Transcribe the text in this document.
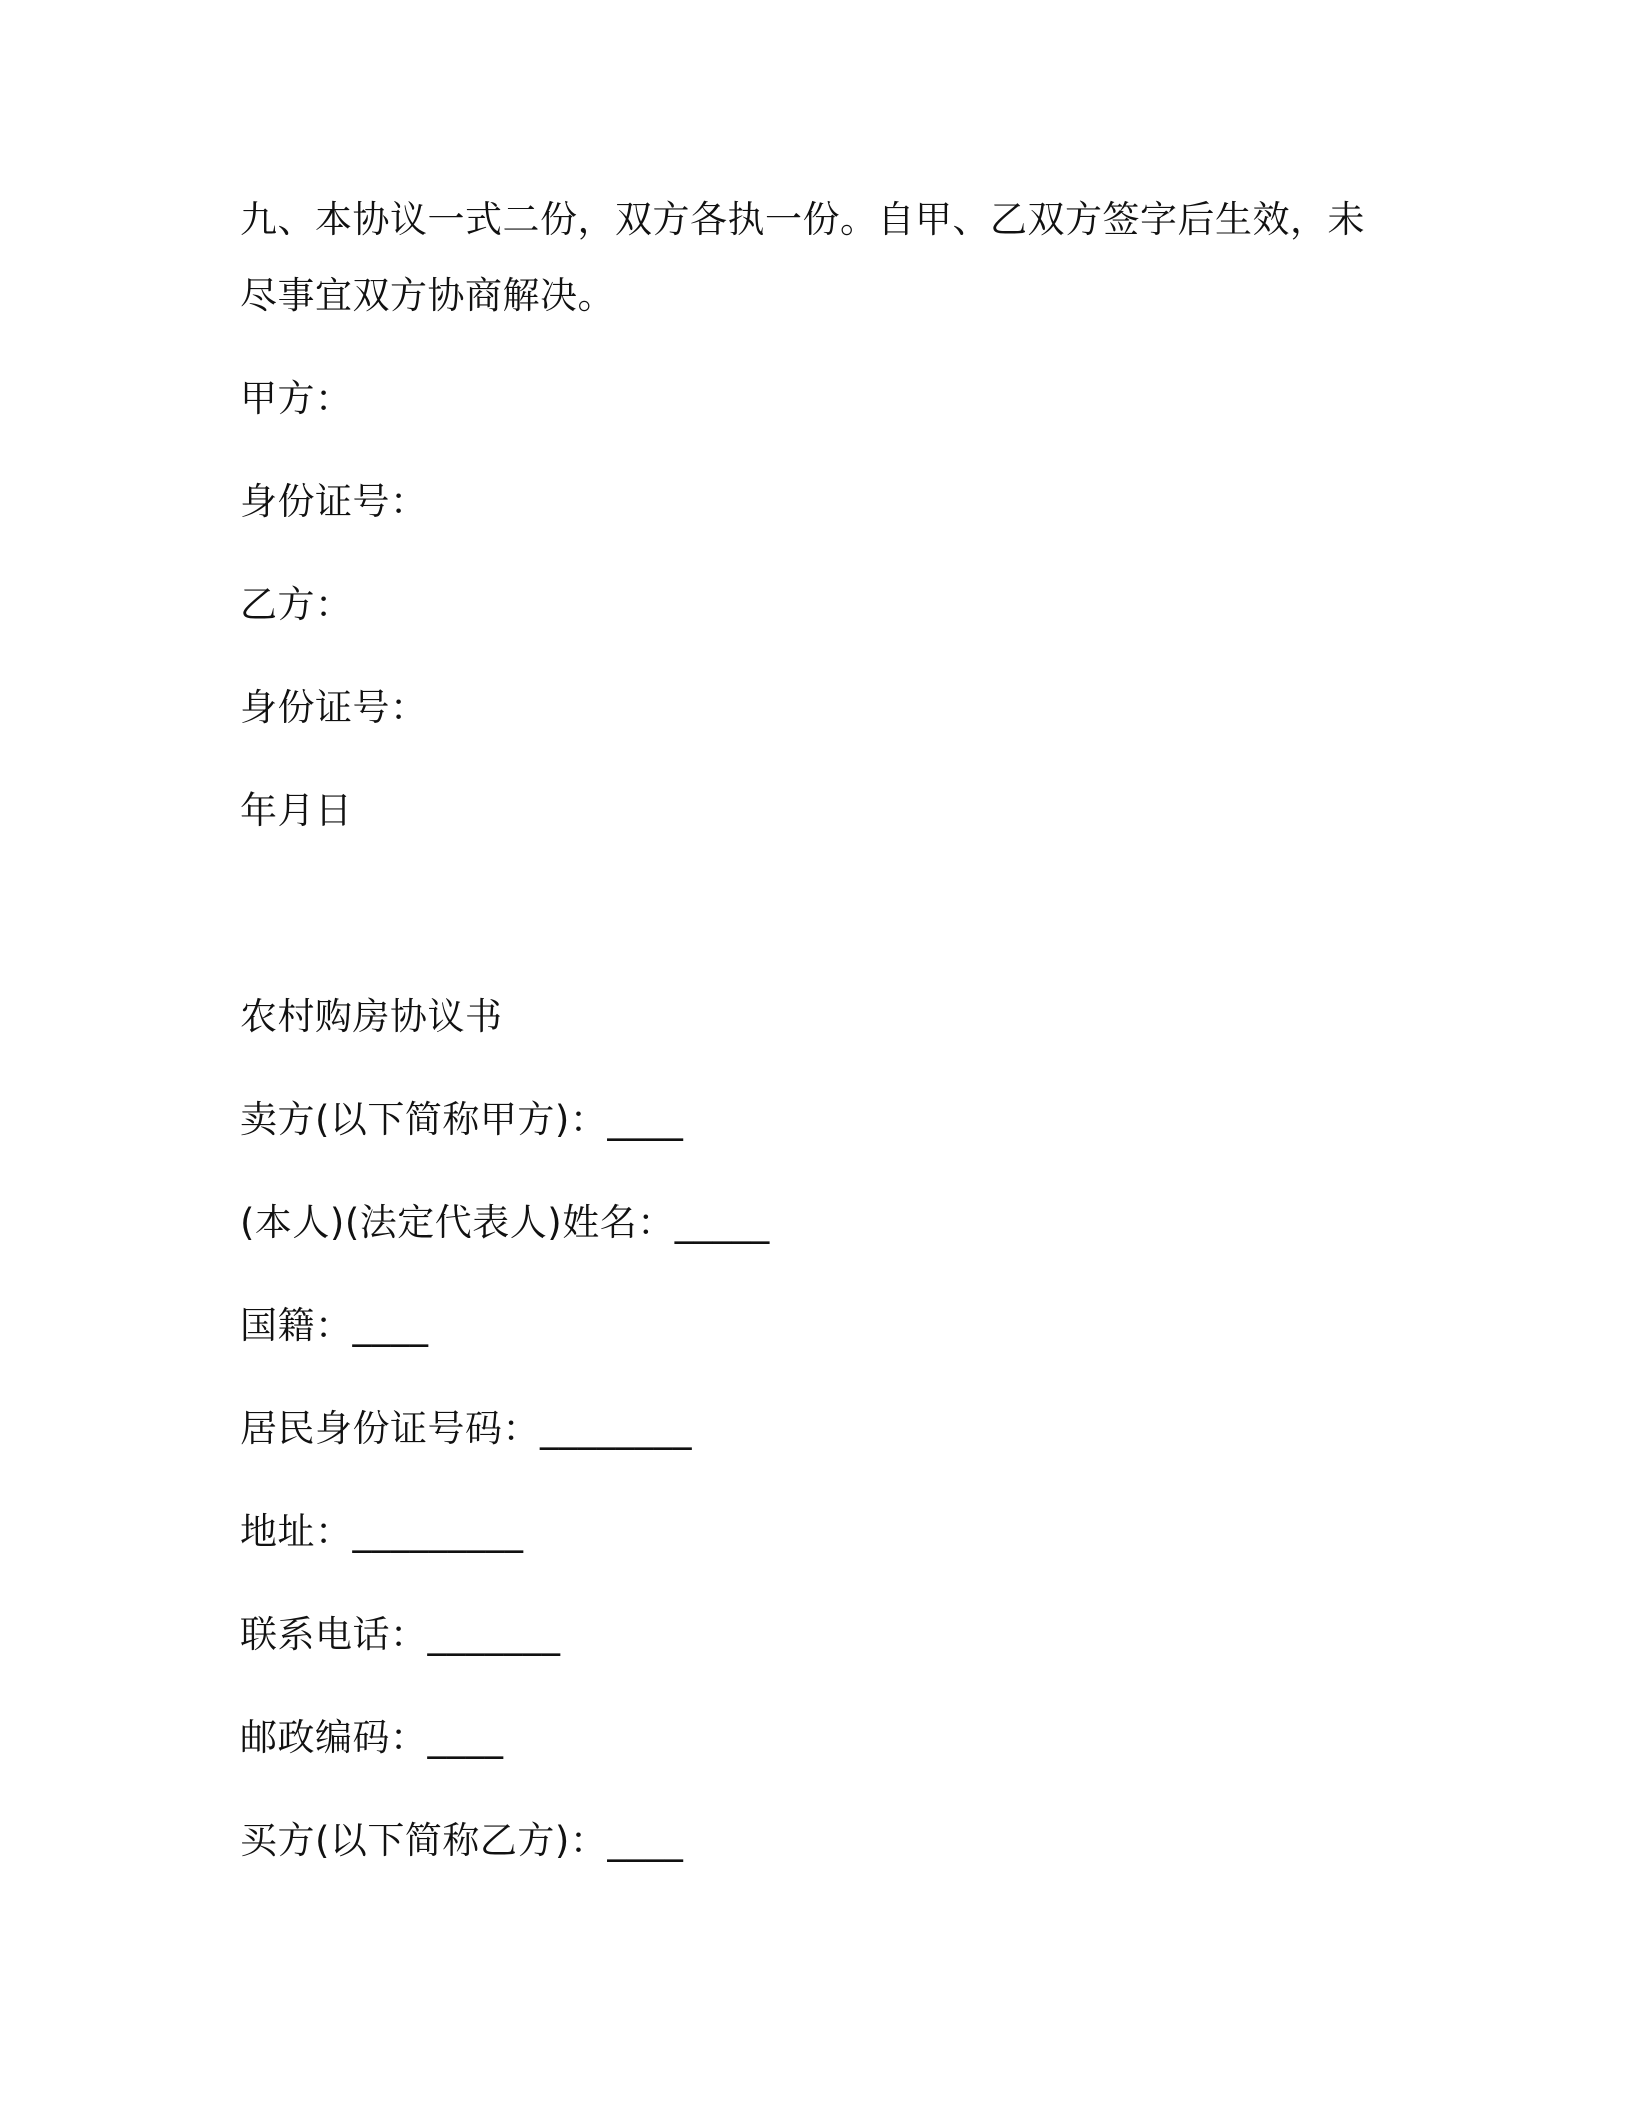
九、本协议一式二份，双方各执一份。自甲、乙双方签字后生效，未
尽事宜双方协商解决。
甲方：
身份证号：
乙方：
身份证号：
年月日
农村购房协议书
卖方(以下简称甲方)：____
(本人)(法定代表人)姓名：_____
国籍：____
居民身份证号码：________
地址：_________
联系电话：_______
邮政编码：____
买方(以下简称乙方)：____
